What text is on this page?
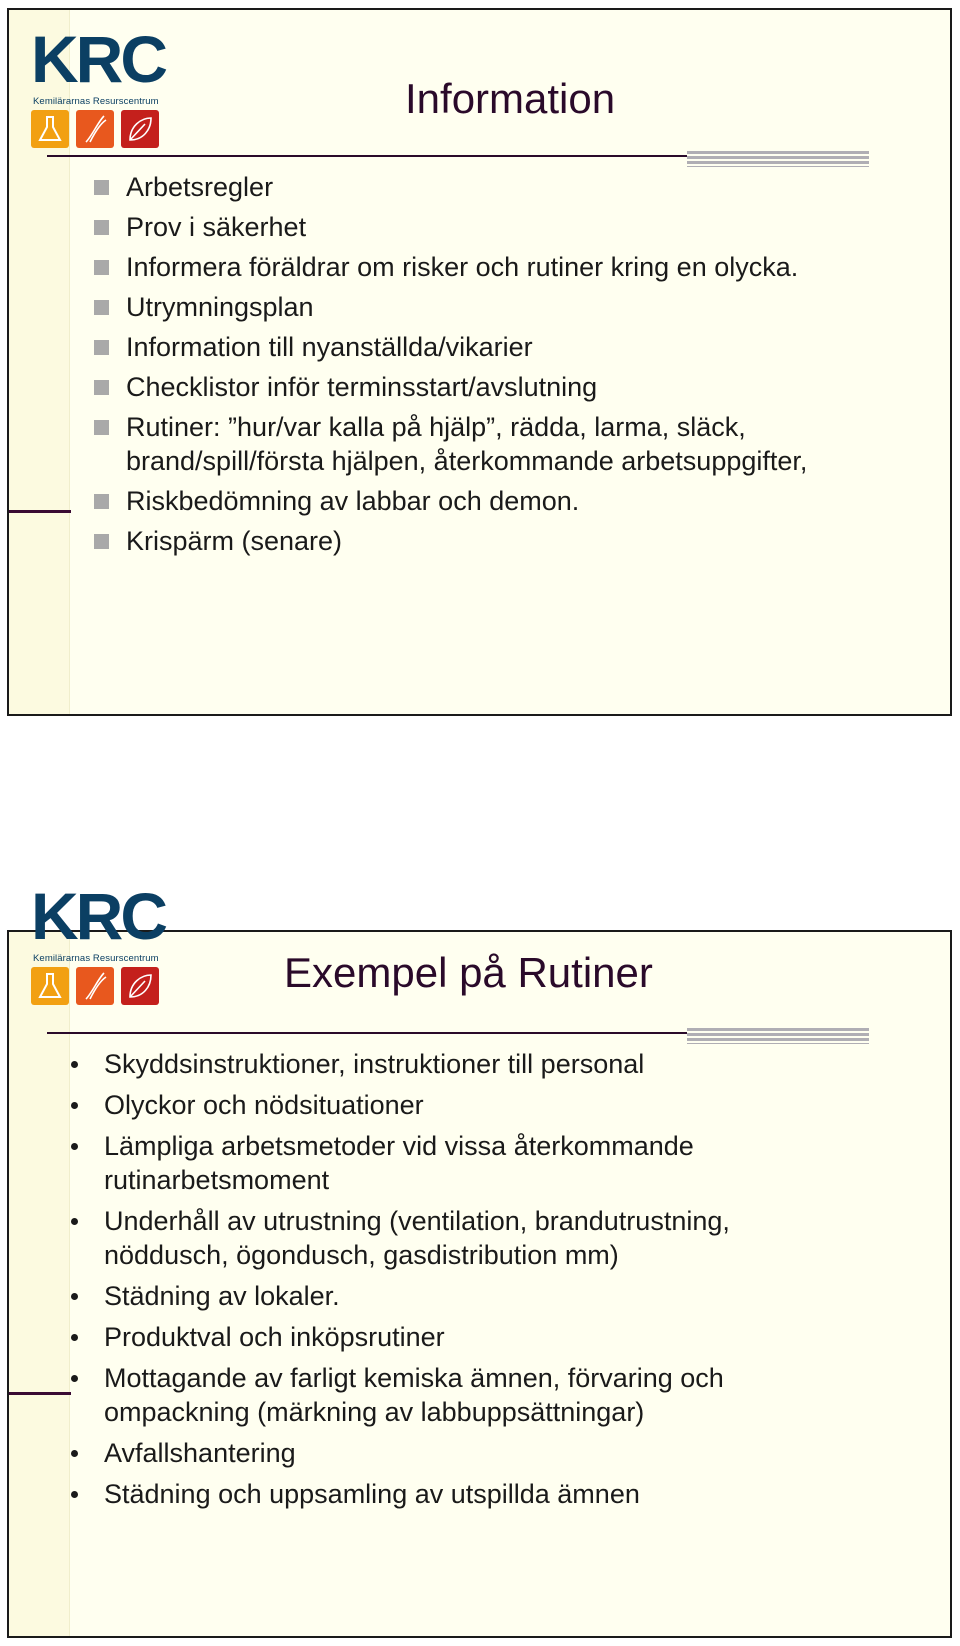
KRC
Kemilärarnas Resurscentrum	Information
Arbetsregler
Prov i säkerhet
Informera föräldrar om risker och rutiner kring en olycka.
Utrymningsplan
Information till nyanställda/vikarier
Checklistor inför terminsstart/avslutning
Rutiner: ”hur/var kalla på hjälp”, rädda, larma, släck,
brand/spill/första hjälpen, återkommande arbetsuppgifter,
Riskbedömning av labbar och demon.
Krispärm (senare)
KRC
Kemilärarnas Resurscentrum	Exempel på Rutiner
Skyddsinstruktioner, instruktioner till personal
Olyckor och nödsituationer
Lämpliga arbetsmetoder vid vissa återkommande
rutinarbetsmoment
Underhåll av utrustning (ventilation, brandutrustning,
nöddusch, ögondusch, gasdistribution mm)
Städning av lokaler.
Produktval och inköpsrutiner
Mottagande av farligt kemiska ämnen, förvaring och
ompackning (märkning av labbuppsättningar)
Avfallshantering
Städning och uppsamling av utspillda ämnen
